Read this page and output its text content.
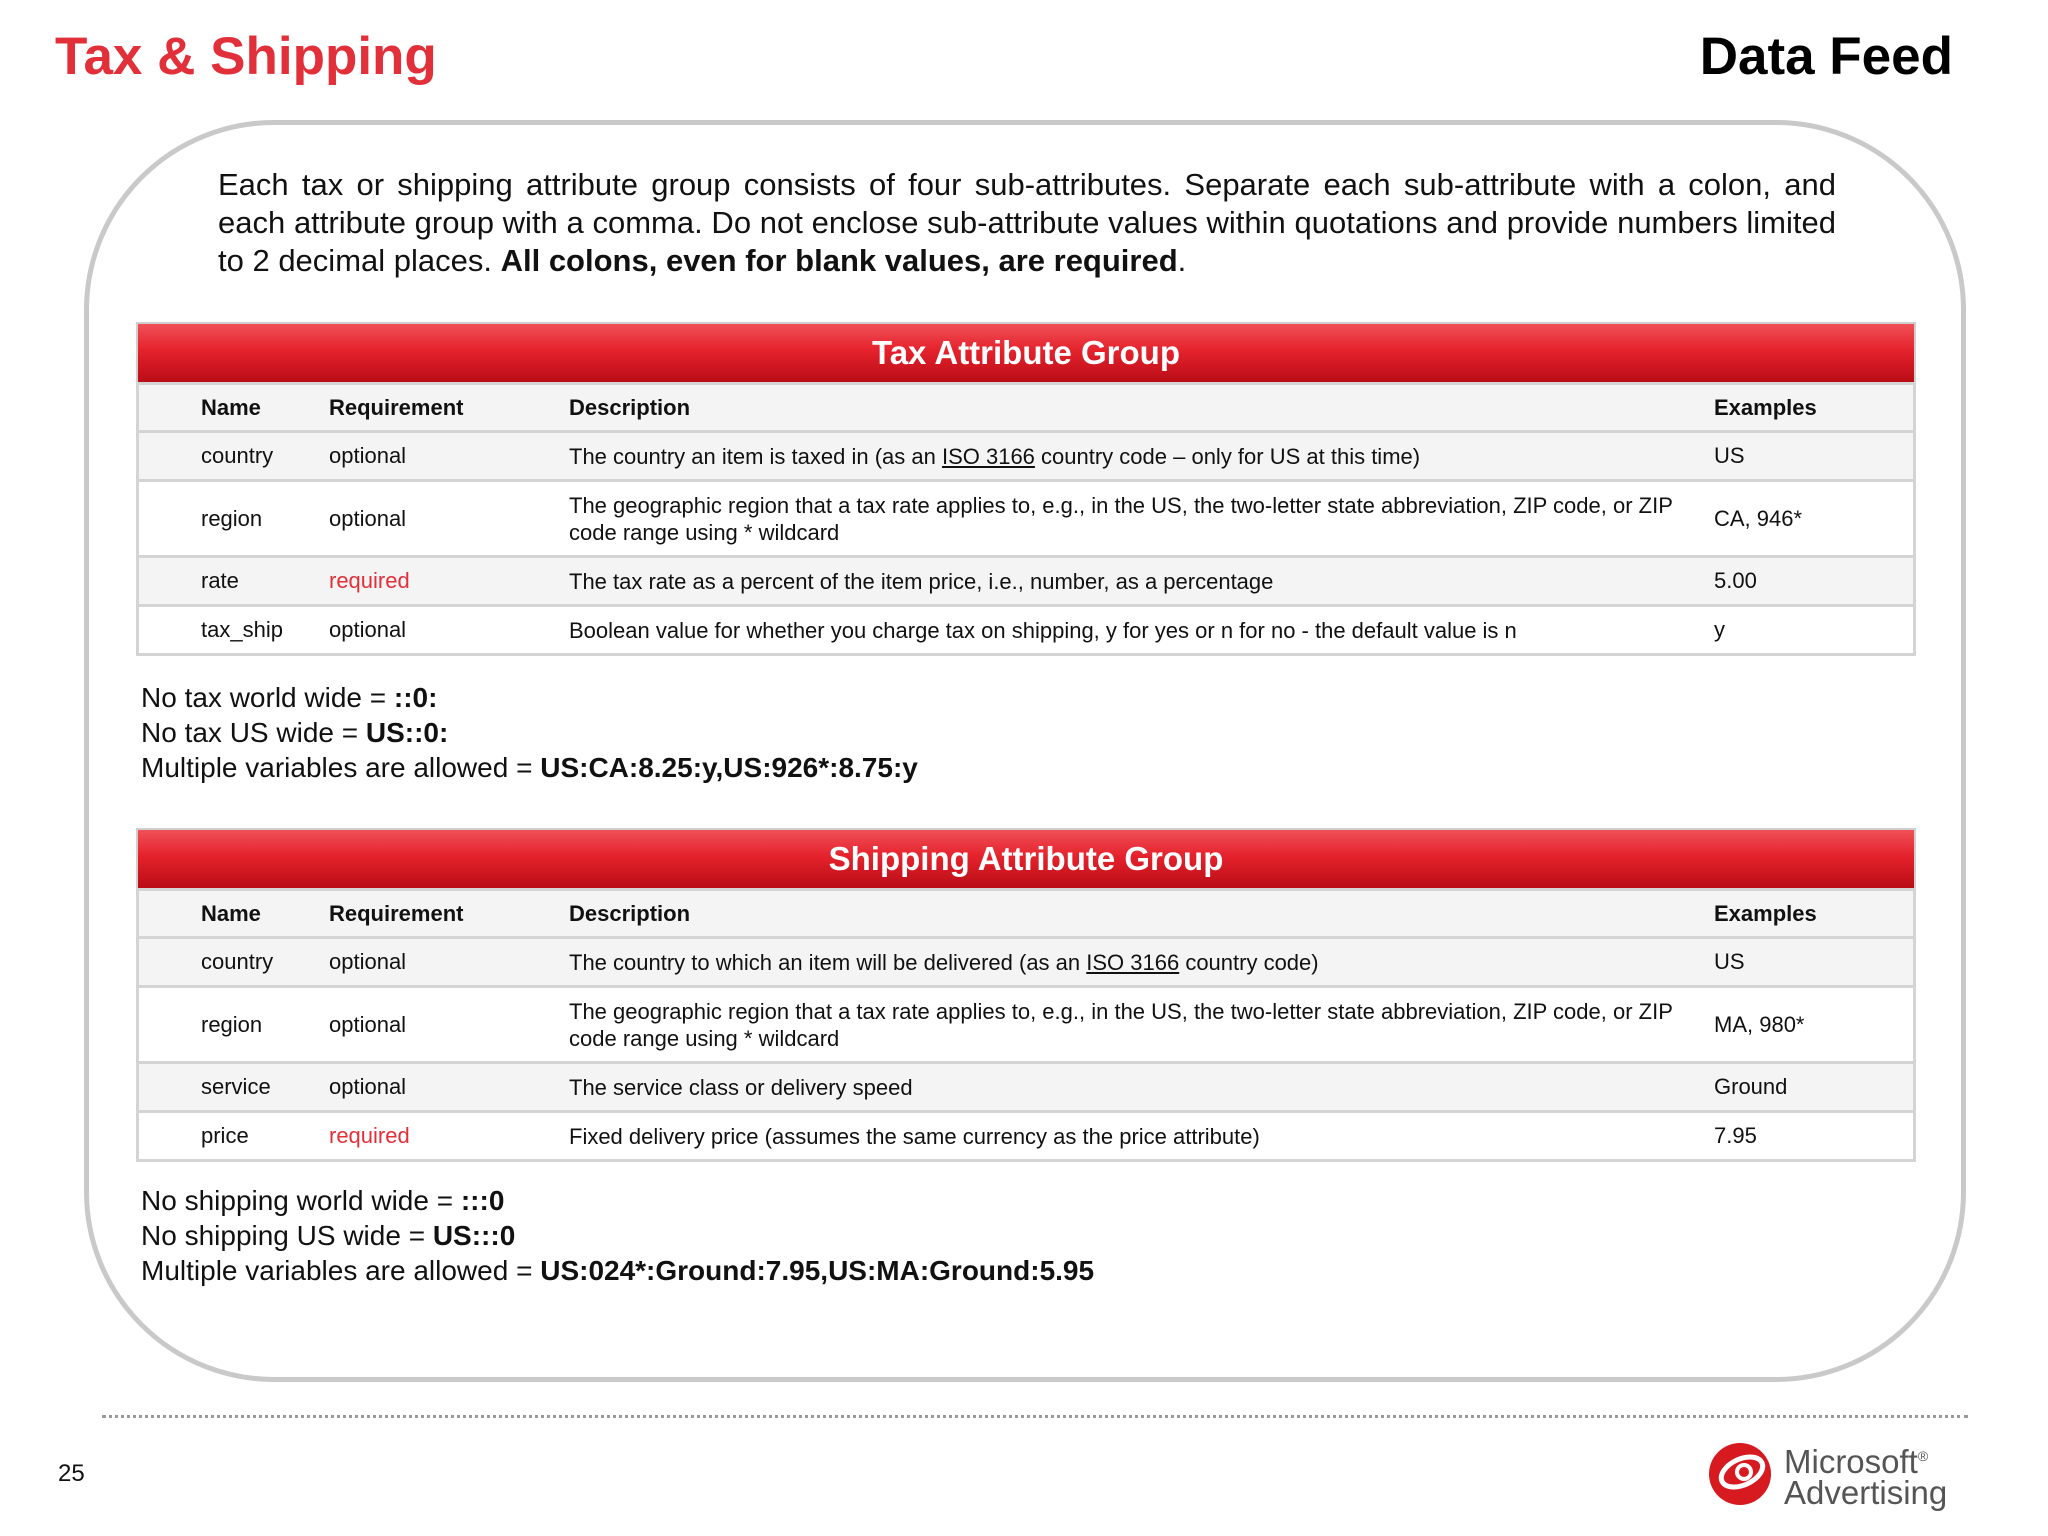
Tax & Shipping	Data Feed

Each tax or shipping attribute group consists of four sub-attributes. Separate each sub-attribute with a colon, and each attribute group with a comma. Do not enclose sub-attribute values within quotations and provide numbers limited to 2 decimal places. All colons, even for blank values, are required.

Tax Attribute Group
Name	Requirement	Description	Examples
country	optional	The country an item is taxed in (as an ISO 3166 country code – only for US at this time)	US
region	optional	The geographic region that a tax rate applies to, e.g., in the US, the two-letter state abbreviation, ZIP code, or ZIP code range using * wildcard	CA, 946*
rate	required	The tax rate as a percent of the item price, i.e., number, as a percentage	5.00
tax_ship	optional	Boolean value for whether you charge tax on shipping, y for yes or n for no - the default value is n	y
No tax world wide = ::0:
No tax US wide = US::0:
Multiple variables are allowed = US:CA:8.25:y,US:926*:8.75:y
Shipping Attribute Group
Name	Requirement	Description	Examples
country	optional	The country to which an item will be delivered (as an ISO 3166 country code)	US
region	optional	The geographic region that a tax rate applies to, e.g., in the US, the two-letter state abbreviation, ZIP code, or ZIP code range using * wildcard	MA, 980*
service	optional	The service class or delivery speed	Ground
price	required	Fixed delivery price (assumes the same currency as the price attribute)	7.95
No shipping world wide = :::0
No shipping US wide = US:::0
Multiple variables are allowed = US:024*:Ground:7.95,US:MA:Ground:5.95
25	Microsoft®
Advertising
